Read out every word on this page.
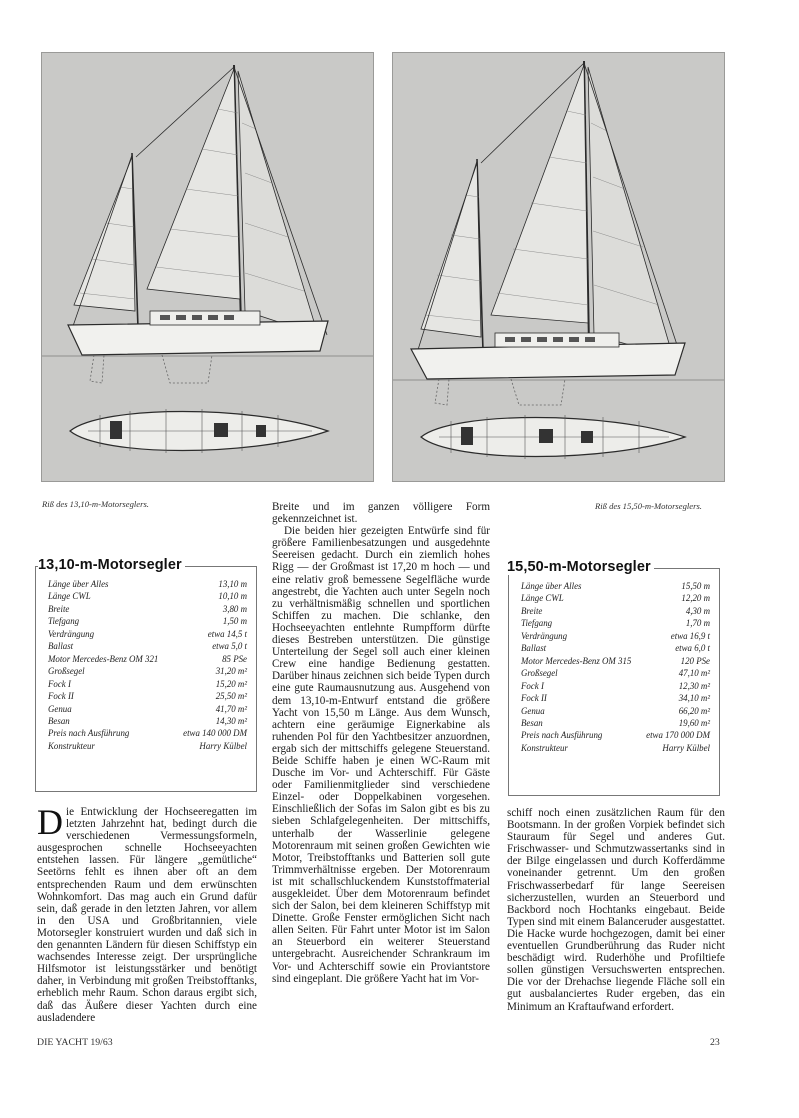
Riß des 13,10-m-Motorseglers.	Riß des 15,50-m-Motorseglers.
Länge über Alles	13,10 m
Länge CWL	10,10 m
Breite	3,80 m
Tiefgang	1,50 m
Verdrängung	etwa 14,5 t
Ballast	etwa 5,0 t
Motor Mercedes-Benz OM 321	85 PSe
Großsegel	31,20 m²
Fock I	15,20 m²
Fock II	25,50 m²
Genua	41,70 m²
Besan	14,30 m²
Preis nach Ausführung	etwa 140 000 DM
Konstrukteur	Harry Külbel
13,10-m-Motorsegler
Länge über Alles	15,50 m
Länge CWL	12,20 m
Breite	4,30 m
Tiefgang	1,70 m
Verdrängung	etwa 16,9 t
Ballast	etwa 6,0 t
Motor Mercedes-Benz OM 315	120 PSe
Großsegel	47,10 m²
Fock I	12,30 m²
Fock II	34,10 m²
Genua	66,20 m²
Besan	19,60 m²
Preis nach Ausführung	etwa 170 000 DM
Konstrukteur	Harry Külbel
15,50-m-Motorsegler

Die Entwicklung der Hochseeregatten im letzten Jahrzehnt hat, bedingt durch die verschiedenen Vermessungsformeln, ausgesprochen schnelle Hochseeyachten entstehen lassen. Für längere „gemütliche“ Seetörns fehlt es ihnen aber oft an dem entsprechenden Raum und dem erwünschten Wohnkomfort. Das mag auch ein Grund dafür sein, daß gerade in den letzten Jahren, vor allem in den USA und Großbritannien, viele Motorsegler konstruiert wurden und daß sich in den genannten Ländern für diesen Schiffstyp ein wachsendes Interesse zeigt. Der ursprüngliche Hilfsmotor ist leistungsstärker und benötigt daher, in Verbindung mit großen Treibstofftanks, erheblich mehr Raum. Schon daraus ergibt sich, daß das Äußere dieser Yachten durch eine ausladendere

Breite und im ganzen völligere Form gekennzeichnet ist.

Die beiden hier gezeigten Entwürfe sind für größere Familienbesatzungen und ausgedehnte Seereisen gedacht. Durch ein ziemlich hohes Rigg — der Großmast ist 17,20 m hoch — und eine relativ groß bemessene Segelfläche wurde angestrebt, die Yachten auch unter Segeln noch zu verhältnismäßig schnellen und sportlichen Schiffen zu machen. Die schlanke, den Hochseeyachten entlehnte Rumpfform dürfte dieses Bestreben unterstützen. Die günstige Unterteilung der Segel soll auch einer kleinen Crew eine handige Bedienung gestatten. Darüber hinaus zeichnen sich beide Typen durch eine gute Raumausnutzung aus. Ausgehend von dem 13,10-m-Entwurf entstand die größere Yacht von 15,50 m Länge. Aus dem Wunsch, achtern eine geräumige Eignerkabine als ruhenden Pol für den Yachtbesitzer anzuordnen, ergab sich der mittschiffs gelegene Steuerstand. Beide Schiffe haben je einen WC-Raum mit Dusche im Vor- und Achterschiff. Für Gäste oder Familienmitglieder sind verschiedene Einzel- oder Doppelkabinen vorgesehen. Einschließlich der Sofas im Salon gibt es bis zu sieben Schlafgelegenheiten. Der mittschiffs, unterhalb der Wasserlinie gelegene Motorenraum mit seinen großen Gewichten wie Motor, Treibstofftanks und Batterien soll gute Trimmverhältnisse ergeben. Der Motorenraum ist mit schallschluckendem Kunststoffmaterial ausgekleidet. Über dem Motorenraum befindet sich der Salon, bei dem kleineren Schiffstyp mit Dinette. Große Fenster ermöglichen Sicht nach allen Seiten. Für Fahrt unter Motor ist im Salon an Steuerbord ein weiterer Steuerstand untergebracht. Ausreichender Schrankraum im Vor- und Achterschiff sowie ein Proviantstore sind eingeplant. Die größere Yacht hat im Vor-

schiff noch einen zusätzlichen Raum für den Bootsmann. In der großen Vorpiek befindet sich Stauraum für Segel und anderes Gut. Frischwasser- und Schmutzwassertanks sind in der Bilge eingelassen und durch Kofferdämme voneinander getrennt. Um den großen Frischwasserbedarf für lange Seereisen sicherzustellen, wurden an Steuerbord und Backbord noch Hochtanks eingebaut. Beide Typen sind mit einem Balanceruder ausgestattet. Die Hacke wurde hochgezogen, damit bei einer eventuellen Grundberührung das Ruder nicht beschädigt wird. Ruderhöhe und Profiltiefe sollen günstigen Versuchswerten entsprechen. Die vor der Drehachse liegende Fläche soll ein gut ausbalanciertes Ruder ergeben, das ein Minimum an Kraftaufwand erfordert.

DIE YACHT 19/63	23
